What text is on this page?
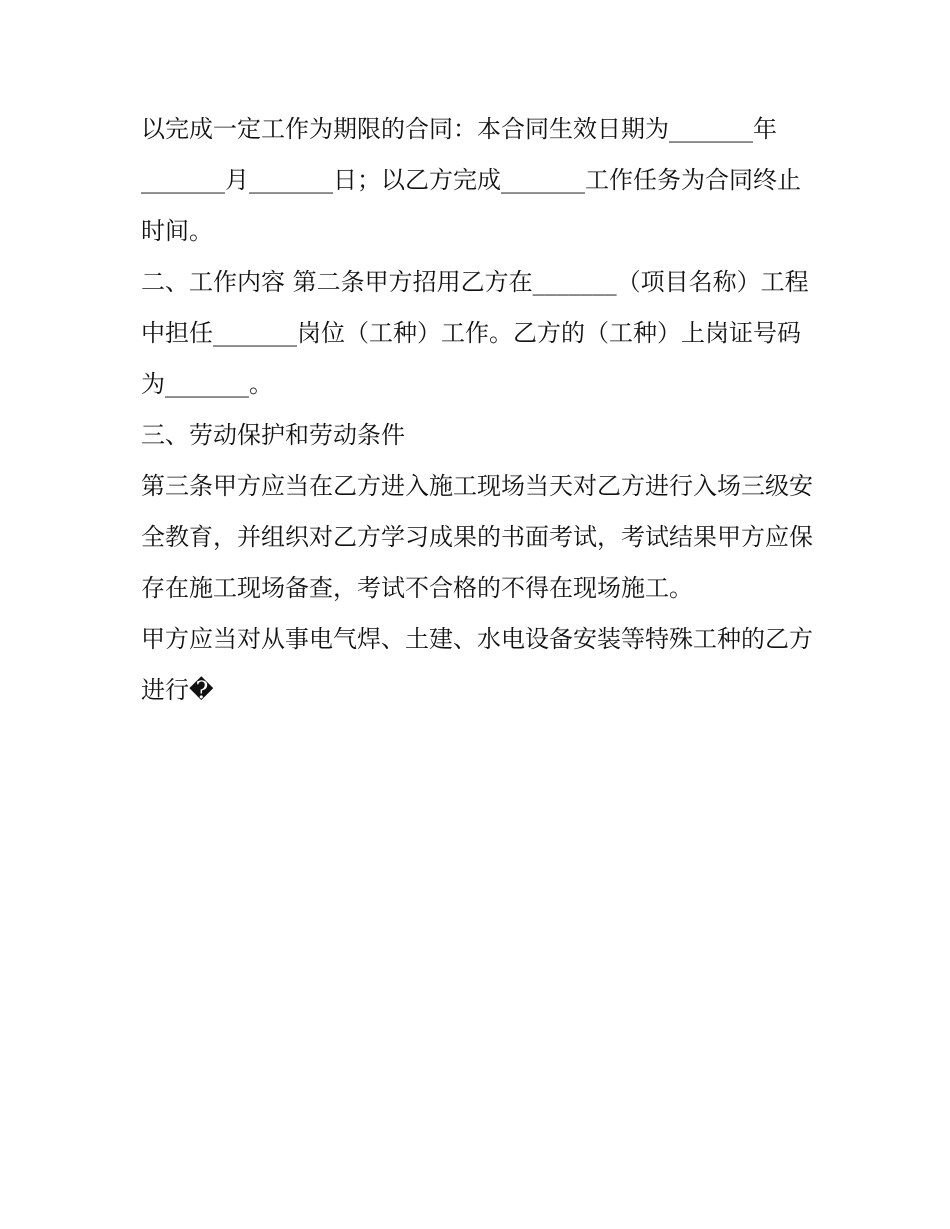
以完成一定工作为期限的合同：本合同生效日期为_______年_______月_______日；以乙方完成_______工作任务为合同终止时间。

二、工作内容 第二条甲方招用乙方在_______（项目名称）工程中担任_______岗位（工种）工作。乙方的（工种）上岗证号码为_______。

三、劳动保护和劳动条件

第三条甲方应当在乙方进入施工现场当天对乙方进行入场三级安全教育，并组织对乙方学习成果的书面考试，考试结果甲方应保存在施工现场备查，考试不合格的不得在现场施工。

甲方应当对从事电气焊、土建、水电设备安装等特殊工种的乙方进行�
